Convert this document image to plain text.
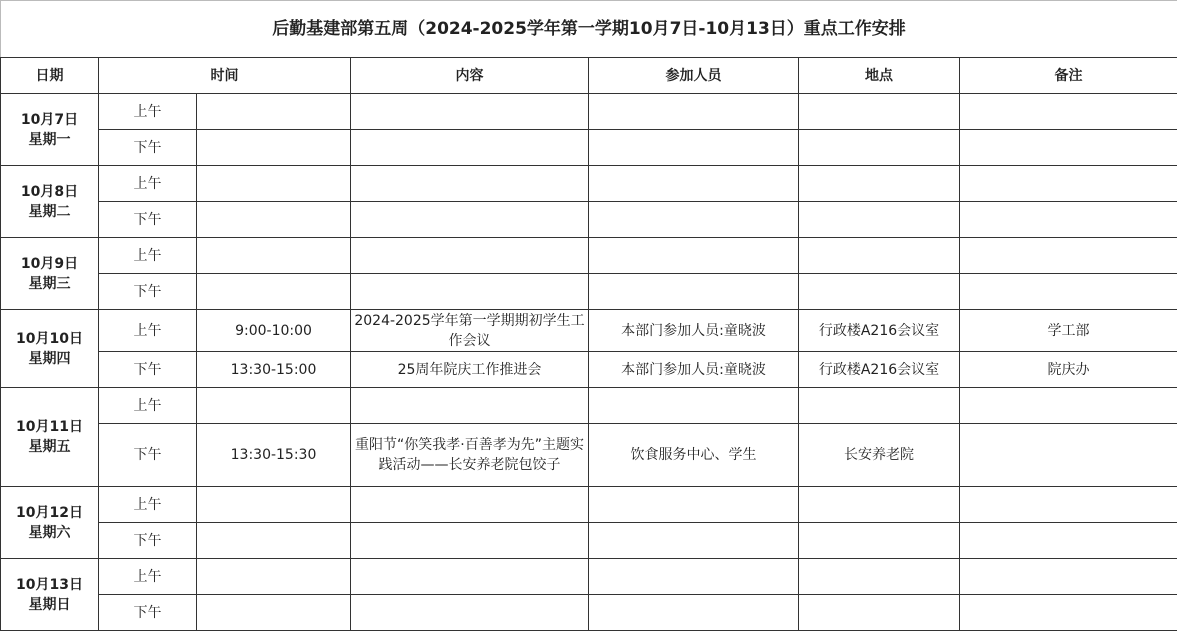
后勤基建部第五周（2024-2025学年第一学期10月7日-10月13日）重点工作安排						
日期	时间		内容	参加人员	地点	备注
10月7日
星期一	上午					
	下午					
10月8日
星期二	上午					
	下午					
10月9日
星期三	上午					
	下午					
10月10日
星期四	上午	9:00-10:00	2024-2025学年第一学期期初学生工作会议	本部门参加人员:童晓波	行政楼A216会议室	学工部
	下午	13:30-15:00	25周年院庆工作推进会	本部门参加人员:童晓波	行政楼A216会议室	院庆办
10月11日
星期五	上午					
	下午	13:30-15:30	重阳节“你笑我孝·百善孝为先”主题实践活动——长安养老院包饺子	饮食服务中心、学生	长安养老院	
10月12日
星期六	上午					
	下午					
10月13日
星期日	上午					
	下午					
